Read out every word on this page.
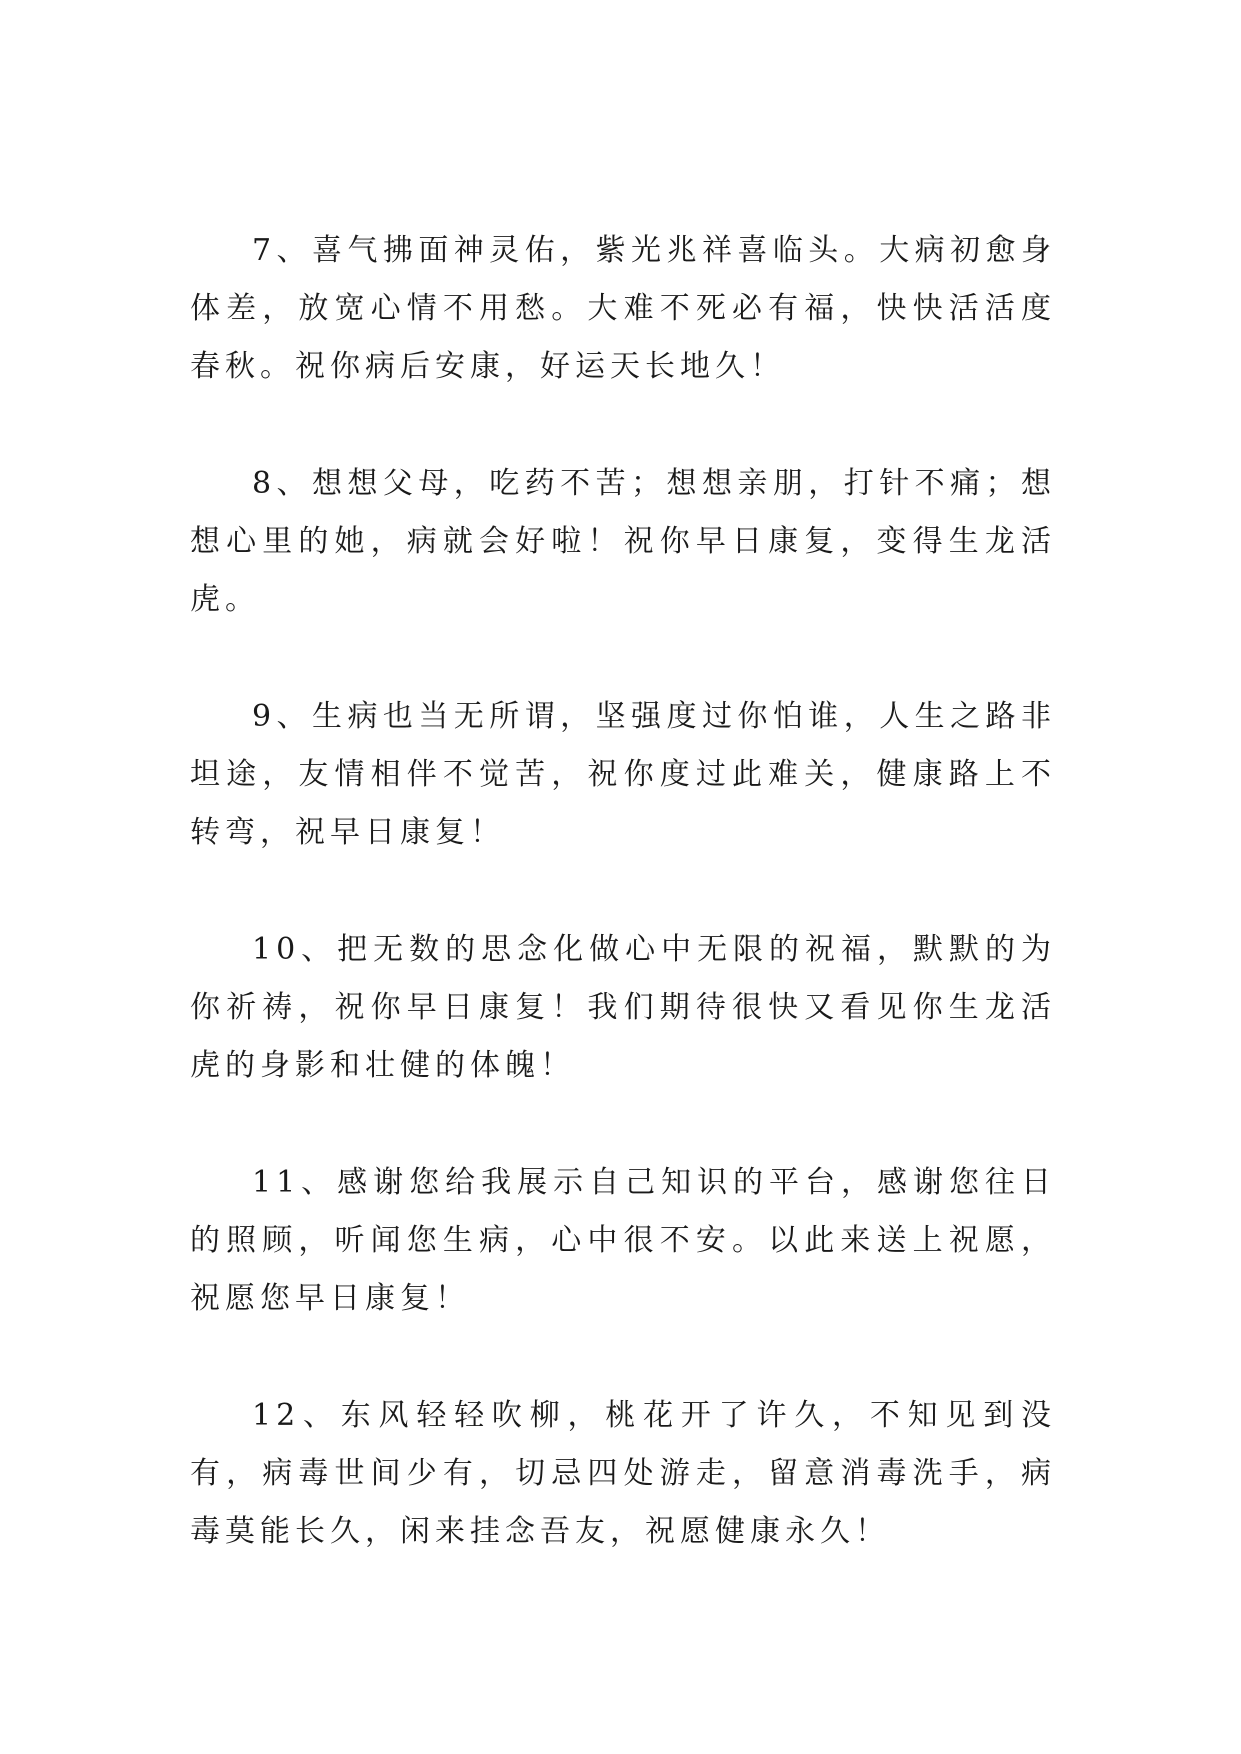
7、喜气拂面神灵佑，紫光兆祥喜临头。大病初愈身体差，放宽心情不用愁。大难不死必有福，快快活活度春秋。祝你病后安康，好运天长地久！

8、想想父母，吃药不苦；想想亲朋，打针不痛；想想心里的她，病就会好啦！祝你早日康复，变得生龙活虎。

9、生病也当无所谓，坚强度过你怕谁，人生之路非坦途，友情相伴不觉苦，祝你度过此难关，健康路上不转弯，祝早日康复！

10、把无数的思念化做心中无限的祝福，默默的为你祈祷，祝你早日康复！我们期待很快又看见你生龙活虎的身影和壮健的体魄！

11、感谢您给我展示自己知识的平台，感谢您往日的照顾，听闻您生病，心中很不安。以此来送上祝愿，祝愿您早日康复！

12、东风轻轻吹柳，桃花开了许久，不知见到没有，病毒世间少有，切忌四处游走，留意消毒洗手，病毒莫能长久，闲来挂念吾友，祝愿健康永久！
